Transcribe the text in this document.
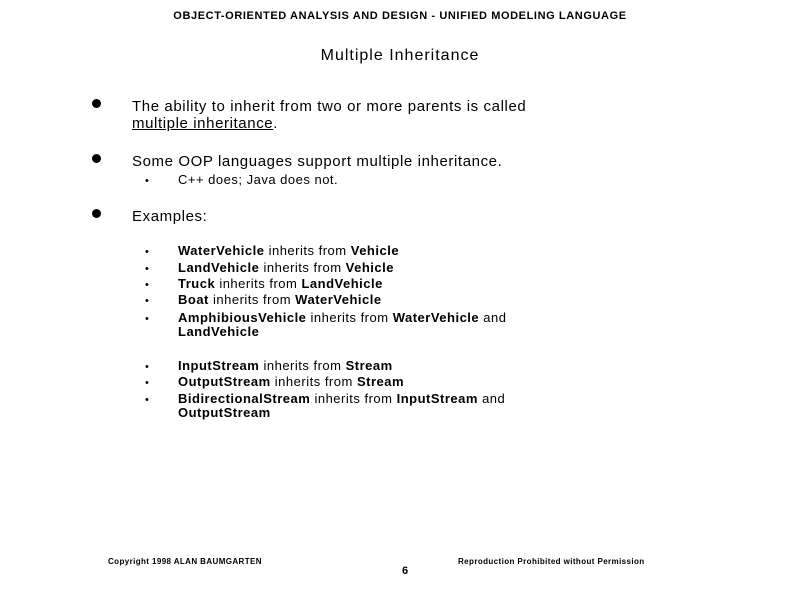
OBJECT-ORIENTED ANALYSIS AND DESIGN - UNIFIED MODELING LANGUAGE
Multiple Inheritance
The ability to inherit from two or more parents is called
multiple inheritance.
Some OOP languages support multiple inheritance.
• C++ does; Java does not.
Examples:
• WaterVehicle inherits from Vehicle
• LandVehicle inherits from Vehicle
• Truck inherits from LandVehicle
• Boat inherits from WaterVehicle
• AmphibiousVehicle inherits from WaterVehicle and
LandVehicle
• InputStream inherits from Stream
• OutputStream inherits from Stream
• BidirectionalStream inherits from InputStream and
OutputStream
Copyright 1998 ALAN BAUMGARTEN
6
Reproduction Prohibited without Permission
